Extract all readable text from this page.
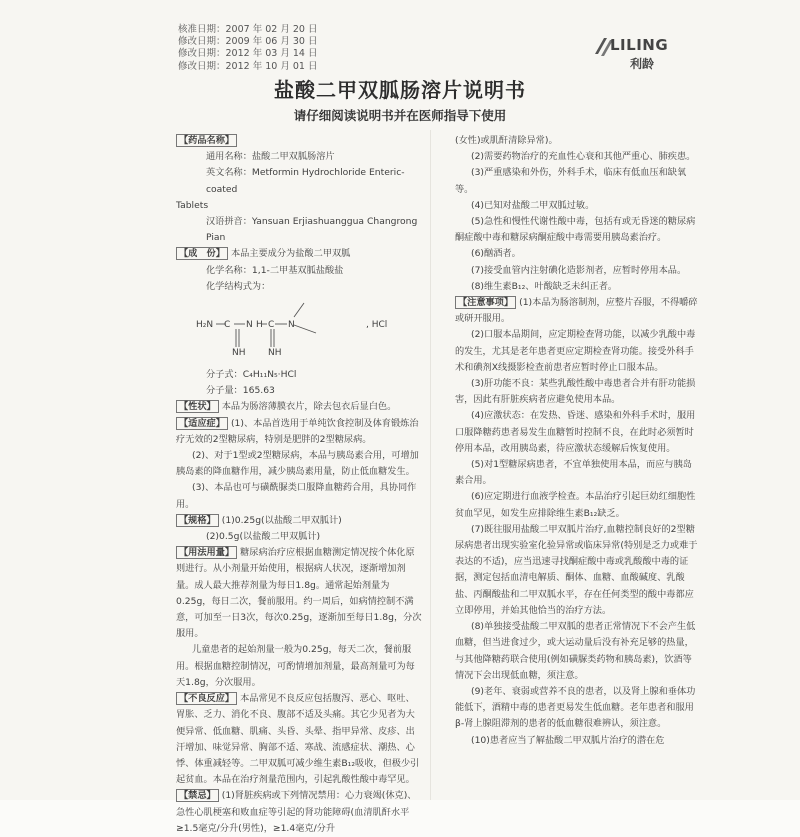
核准日期：2007 年 02 月 20 日
修改日期：2009 年 06 月 30 日
修改日期：2012 年 03 月 14 日
修改日期：2012 年 10 月 01 日
LILING
利龄
盐酸二甲双胍肠溶片说明书
请仔细阅读说明书并在医师指导下使用

【药品名称】

通用名称：盐酸二甲双胍肠溶片

英文名称：Metformin Hydrochloride Enteric-coated

Tablets

汉语拼音：Yansuan Erjiashuanggua Changrong Pian

【成　份】 本品主要成分为盐酸二甲双胍

化学名称：1,1-二甲基双胍盐酸盐

化学结构式为：

H₂N C N H C N
NH	NH
, HCl

分子式：C₄H₁₁N₅·HCl

分子量：165.63

【性状】 本品为肠溶薄膜衣片，除去包衣后显白色。

【适应症】 (1)、本品首选用于单纯饮食控制及体育锻炼治疗无效的2型糖尿病，特别是肥胖的2型糖尿病。

(2)、对于1型或2型糖尿病，本品与胰岛素合用，可增加胰岛素的降血糖作用，减少胰岛素用量，防止低血糖发生。

(3)、本品也可与磺酰脲类口服降血糖药合用，具协同作用。

【规格】 (1)0.25g(以盐酸二甲双胍计)

(2)0.5g(以盐酸二甲双胍计)

【用法用量】 糖尿病治疗应根据血糖测定情况按个体化原则进行。从小剂量开始使用，根据病人状况，逐渐增加剂量。成人最大推荐剂量为每日1.8g。通常起始剂量为0.25g，每日二次，餐前服用。约一周后，如病情控制不满意，可加至一日3次，每次0.25g，逐渐加至每日1.8g，分次服用。

儿童患者的起始剂量一般为0.25g，每天二次，餐前服用。根据血糖控制情况，可酌情增加剂量，最高剂量可为每天1.8g，分次服用。

【不良反应】 本品常见不良反应包括腹泻、恶心、呕吐、胃胀、乏力、消化不良、腹部不适及头痛。其它少见者为大便异常、低血糖、肌痛、头昏、头晕、指甲异常、皮疹、出汗增加、味觉异常、胸部不适、寒战、流感症状、潮热、心悸、体重减轻等。二甲双胍可减少维生素B₁₂吸收，但极少引起贫血。本品在治疗剂量范围内，引起乳酸性酸中毒罕见。

【禁忌】 (1)肾脏疾病或下列情况禁用：心力衰竭(休克)、急性心肌梗塞和败血症等引起的肾功能障碍(血清肌酐水平≥1.5毫克/分升(男性)，≥1.4毫克/分升

(女性)或肌酐清除异常)。

(2)需要药物治疗的充血性心衰和其他严重心、肺疾患。

(3)严重感染和外伤，外科手术，临床有低血压和缺氧等。

(4)已知对盐酸二甲双胍过敏。

(5)急性和慢性代谢性酸中毒，包括有或无昏迷的糖尿病酮症酸中毒和糖尿病酮症酸中毒需要用胰岛素治疗。

(6)酗酒者。

(7)接受血管内注射碘化造影剂者，应暂时停用本品。

(8)维生素B₁₂、叶酸缺乏未纠正者。

【注意事项】 (1)本品为肠溶制剂，应整片吞服，不得嚼碎或研开服用。

(2)口服本品期间，应定期检查肾功能，以减少乳酸中毒的发生，尤其是老年患者更应定期检查肾功能。接受外科手术和碘剂X线摄影检查前患者应暂时停止口服本品。

(3)肝功能不良：某些乳酸性酸中毒患者合并有肝功能损害，因此有肝脏疾病者应避免使用本品。

(4)应激状态：在发热、昏迷、感染和外科手术时，服用口服降糖药患者易发生血糖暂时控制不良，在此时必须暂时停用本品，改用胰岛素，待应激状态缓解后恢复使用。

(5)对1型糖尿病患者，不宜单独使用本品，而应与胰岛素合用。

(6)应定期进行血液学检查。本品治疗引起巨幼红细胞性贫血罕见，如发生应排除维生素B₁₂缺乏。

(7)既往服用盐酸二甲双胍片治疗,血糖控制良好的2型糖尿病患者出现实验室化验异常或临床异常(特别是乏力或难于表达的不适)，应当迅速寻找酮症酸中毒或乳酸酸中毒的证据，测定包括血清电解质、酮体、血糖、血酸碱度、乳酸盐、丙酮酸盐和二甲双胍水平，存在任何类型的酸中毒都应立即停用，并始其他恰当的治疗方法。

(8)单独接受盐酸二甲双胍的患者正常情况下不会产生低血糖，但当进食过少，或大运动量后没有补充足够的热量，与其他降糖药联合使用(例如磺脲类药物和胰岛素)，饮酒等情况下会出现低血糖，须注意。

(9)老年、衰弱或营养不良的患者，以及肾上腺和垂体功能低下，酒精中毒的患者更易发生低血糖。老年患者和服用β-肾上腺阻滞剂的患者的低血糖很难辨认，须注意。

(10)患者应当了解盐酸二甲双胍片治疗的潜在危
